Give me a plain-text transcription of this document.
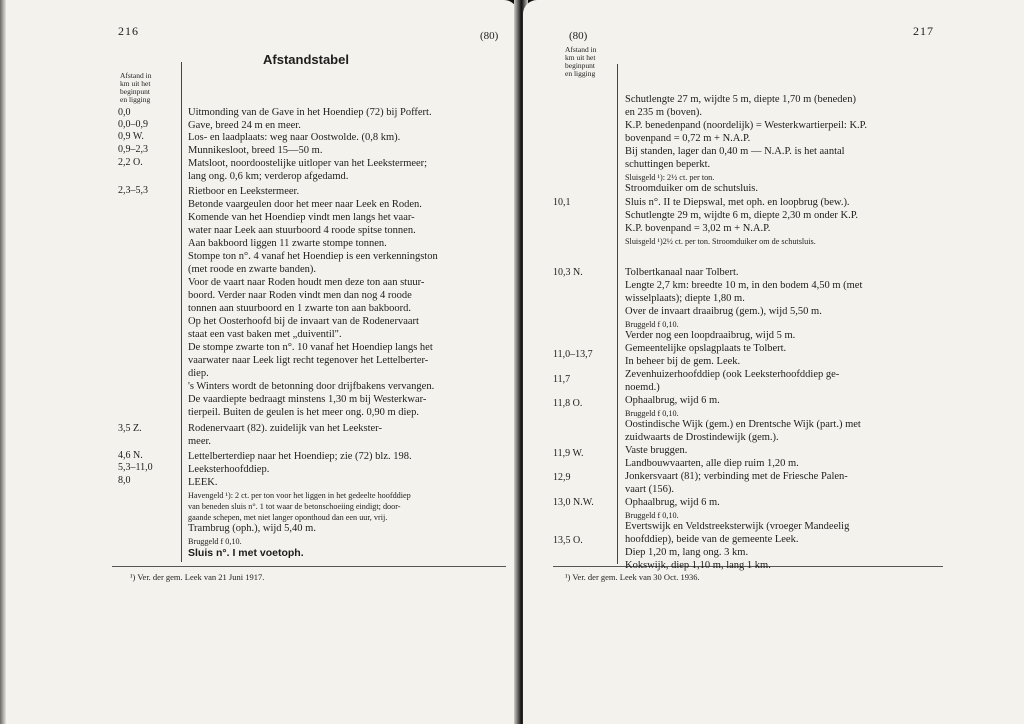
216	(80)
Afstandstabel
Afstand in
km uit het
beginpunt
en ligging
0,0
0,0–0,9
0,9 W.
0,9–2,3
2,2 O.
2,3–5,3
3,5 Z.
4,6 N.
5,3–11,0
8,0
Uitmonding van de Gave in het Hoendiep (72) bij Poffert.
Gave, breed 24 m en meer.
Los- en laadplaats: weg naar Oostwolde. (0,8 km).
Munnikesloot, breed 15—50 m.
Matsloot, noordoostelijke uitloper van het Leekstermeer;
lang ong. 0,6 km; verderop afgedamd.
Rietboor en Leekstermeer.
Betonde vaargeulen door het meer naar Leek en Roden.
Komende van het Hoendiep vindt men langs het vaar-
water naar Leek aan stuurboord 4 roode spitse tonnen.
Aan bakboord liggen 11 zwarte stompe tonnen.
Stompe ton n°. 4 vanaf het Hoendiep is een verkenningston
(met roode en zwarte banden).
Voor de vaart naar Roden houdt men deze ton aan stuur-
boord. Verder naar Roden vindt men dan nog 4 roode
tonnen aan stuurboord en 1 zwarte ton aan bakboord.
Op het Oosterhoofd bij de invaart van de Rodenervaart
staat een vast baken met „duiventil".
De stompe zwarte ton n°. 10 vanaf het Hoendiep langs het
vaarwater naar Leek ligt recht tegenover het Lettelberter-
diep.
's Winters wordt de betonning door drijfbakens vervangen.
De vaardiepte bedraagt minstens 1,30 m bij Westerkwar-
tierpeil. Buiten de geulen is het meer ong. 0,90 m diep.
Rodenervaart (82). zuidelijk van het Leekster-
meer.
Lettelberterdiep naar het Hoendiep; zie (72) blz. 198.
Leeksterhoofddiep.
LEEK.
Havengeld ¹): 2 ct. per ton voor het liggen in het gedeelte hoofddiep
van beneden sluis n°. 1 tot waar de betonschoeiing eindigt; door-
gaande schepen, met niet langer oponthoud dan een uur, vrij.
Trambrug (oph.), wijd 5,40 m.
Bruggeld f 0,10.
Sluis n°. I met voetoph.
¹) Ver. der gem. Leek van 21 Juni 1917.
(80)	217
Afstand in
km uit het
beginpunt
en ligging
10,1
10,3 N.
11,0–13,7
11,7
11,8 O.
11,9 W.
12,9
13,0 N.W.
13,5 O.
Schutlengte 27 m, wijdte 5 m, diepte 1,70 m (beneden)
en 235 m (boven).
K.P. benedenpand (noordelijk) = Westerkwartierpeil: K.P.
bovenpand = 0,72 m + N.A.P.
Bij standen, lager dan 0,40 m — N.A.P. is het aantal
schuttingen beperkt.
Sluisgeld ¹): 2½ ct. per ton.
Stroomduiker om de schutsluis.
Sluis n°. II te Diepswal, met oph. en loopbrug (bew.).
Schutlengte 29 m, wijdte 6 m, diepte 2,30 m onder K.P.
K.P. bovenpand = 3,02 m + N.A.P.
Sluisgeld ¹)2½ ct. per ton. Stroomduiker om de schutsluis.
Tolbertkanaal naar Tolbert.
Lengte 2,7 km: breedte 10 m, in den bodem 4,50 m (met
wisselplaats); diepte 1,80 m.
Over de invaart draaibrug (gem.), wijd 5,50 m.
Bruggeld f 0,10.
Verder nog een loopdraaibrug, wijd 5 m.
Gemeentelijke opslagplaats te Tolbert.
In beheer bij de gem. Leek.
Zevenhuizerhoofddiep (ook Leeksterhoofddiep ge-
noemd.)
Ophaalbrug, wijd 6 m.
Bruggeld f 0,10.
Oostindische Wijk (gem.) en Drentsche Wijk (part.) met
zuidwaarts de Drostindewijk (gem.).
Vaste bruggen.
Landbouwvaarten, alle diep ruim 1,20 m.
Jonkersvaart (81); verbinding met de Friesche Palen-
vaart (156).
Ophaalbrug, wijd 6 m.
Bruggeld f 0,10.
Evertswijk en Veldstreeksterwijk (vroeger Mandeelig
hoofddiep), beide van de gemeente Leek.
Diep 1,20 m, lang ong. 3 km.
Kokswijk, diep 1,10 m, lang 1 km.
¹) Ver. der gem. Leek van 30 Oct. 1936.
